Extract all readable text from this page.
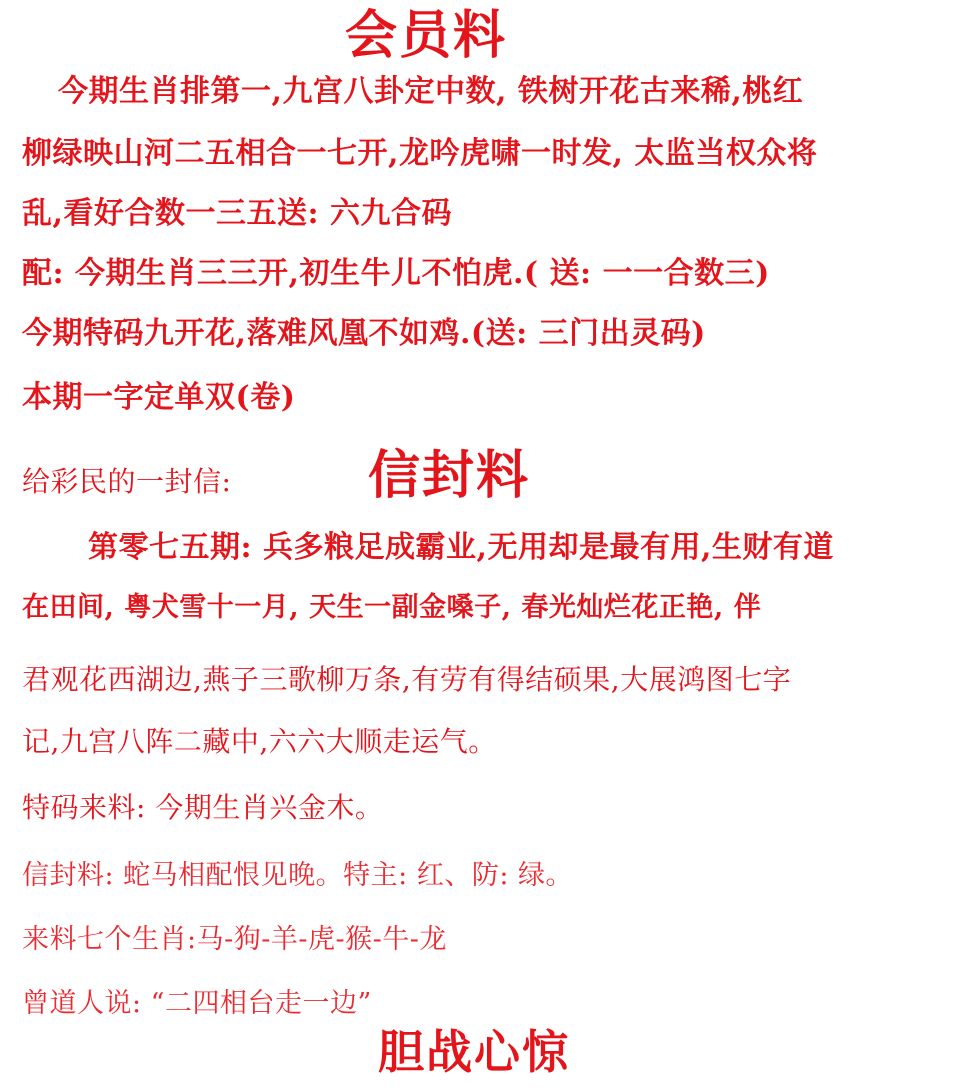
会员料
今期生肖排第一,九宫八卦定中数, 铁树开花古来稀,桃红
柳绿映山河二五相合一七开,龙吟虎啸一时发, 太监当权众将
乱,看好合数一三五送: 六九合码
配: 今期生肖三三开,初生牛儿不怕虎.( 送: 一一合数三)
今期特码九开花,落难风凰不如鸡.(送: 三门出灵码)
本期一字定单双(卷)
给彩民的一封信:	信封料
第零七五期: 兵多粮足成霸业,无用却是最有用,生财有道
在田间, 粤犬雪十一月, 天生一副金嗓子, 春光灿烂花正艳, 伴
君观花西湖边,燕子三歌柳万条,有劳有得结硕果,大展鸿图七字
记,九宫八阵二藏中,六六大顺走运气。
特码来料: 今期生肖兴金木。
信封料: 蛇马相配恨见晚。特主: 红、防: 绿。
来料七个生肖:马-狗-羊-虎-猴-牛-龙
曾道人说: “二四相台走一边”
胆战心惊
